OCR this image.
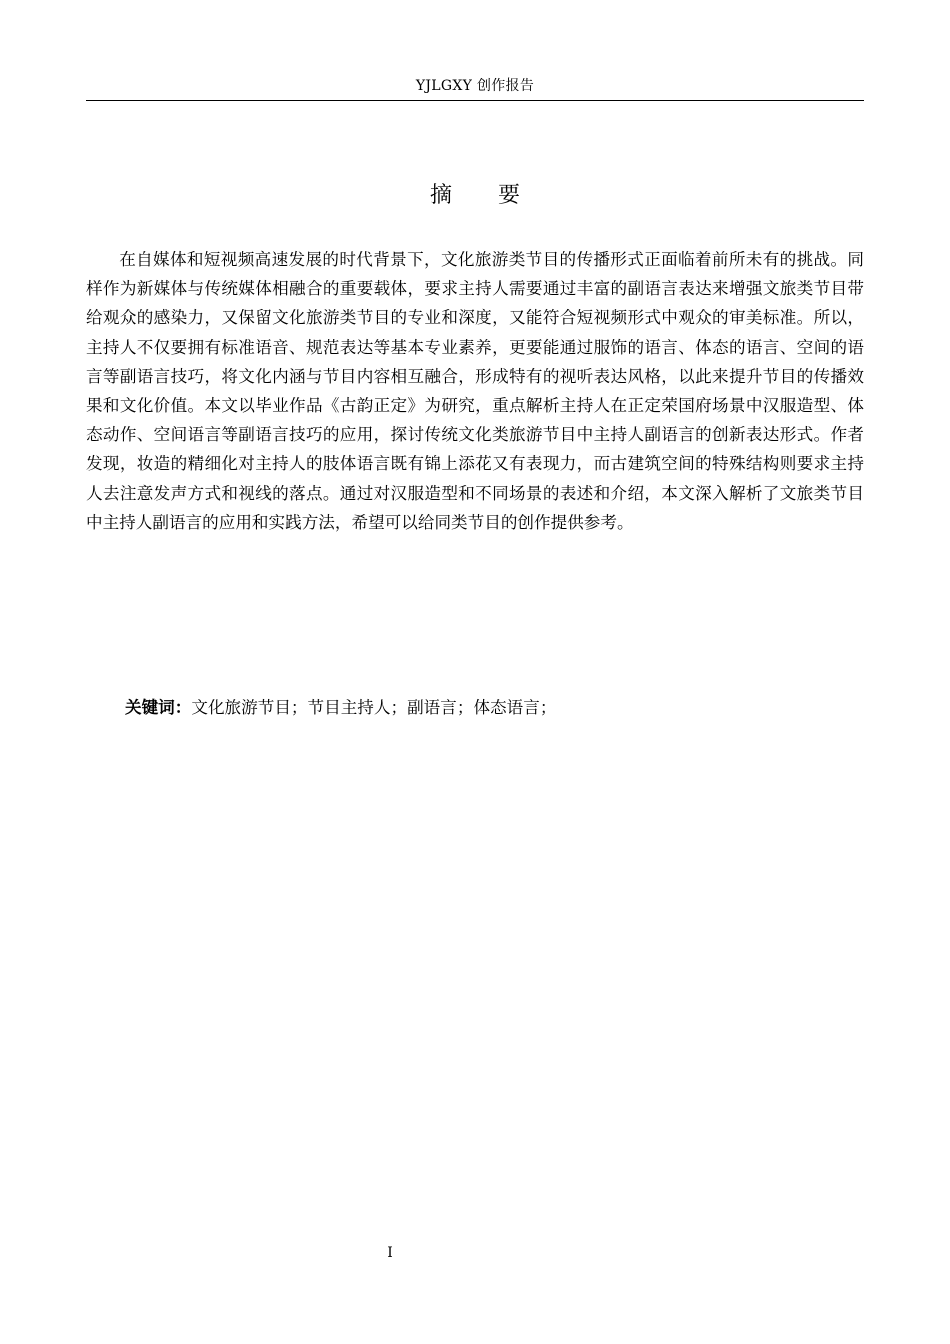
YJLGXY 创作报告
摘 要

在自媒体和短视频高速发展的时代背景下，文化旅游类节目的传播形式正面临着前所未有的挑战。同样作为新媒体与传统媒体相融合的重要载体，要求主持人需要通过丰富的副语言表达来增强文旅类节目带给观众的感染力，又保留文化旅游类节目的专业和深度，又能符合短视频形式中观众的审美标准。所以，主持人不仅要拥有标准语音、规范表达等基本专业素养，更要能通过服饰的语言、体态的语言、空间的语言等副语言技巧，将文化内涵与节目内容相互融合，形成特有的视听表达风格，以此来提升节目的传播效果和文化价值。本文以毕业作品《古韵正定》为研究，重点解析主持人在正定荣国府场景中汉服造型、体态动作、空间语言等副语言技巧的应用，探讨传统文化类旅游节目中主持人副语言的创新表达形式。作者发现，妆造的精细化对主持人的肢体语言既有锦上添花又有表现力，而古建筑空间的特殊结构则要求主持人去注意发声方式和视线的落点。通过对汉服造型和不同场景的表述和介绍，本文深入解析了文旅类节目中主持人副语言的应用和实践方法，希望可以给同类节目的创作提供参考。

关键词：文化旅游节目；节目主持人；副语言；体态语言；
I
